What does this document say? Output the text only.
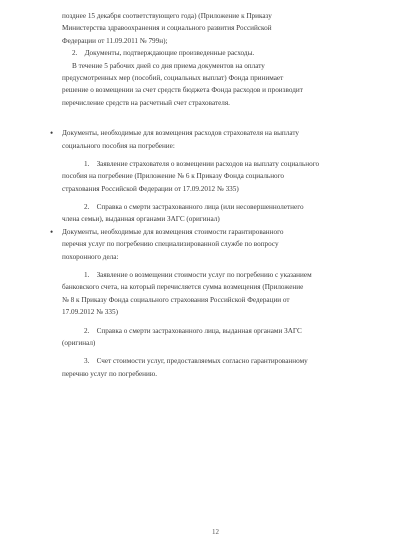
позднее 15 декабря соответствующего года) (Приложение к Приказу
Министерства здравоохранения и социального развития Российской
Федерации от 11.09.2011 № 799н);
2. Документы, подтверждающие произведенные расходы.
В течение 5 рабочих дней со дня приема документов на оплату
предусмотренных мер (пособий, социальных выплат) Фонда принимает
решение о возмещении за счет средств бюджета Фонда расходов и производит
перечисление средств на расчетный счет страхователя.
• Документы, необходимые для возмещения расходов страхователя на выплату
социального пособия на погребение:
1. Заявление страхователя о возмещении расходов на выплату социального
пособия на погребение (Приложение № 6 к Приказу Фонда социального
страхования Российской Федерации от 17.09.2012 № 335)
2. Справка о смерти застрахованного лица (или несовершеннолетнего
члена семьи), выданная органами ЗАГС (оригинал)
• Документы, необходимые для возмещения стоимости гарантированного
перечня услуг по погребению специализированной службе по вопросу
похоронного дела:
1. Заявление о возмещении стоимости услуг по погребению с указанием
банковского счета, на который перечисляется сумма возмещения (Приложение
№ 8 к Приказу Фонда социального страхования Российской Федерации от
17.09.2012 № 335)
2. Справка о смерти застрахованного лица, выданная органами ЗАГС
(оригинал)
3. Счет стоимости услуг, предоставляемых согласно гарантированному
перечню услуг по погребению.
12
